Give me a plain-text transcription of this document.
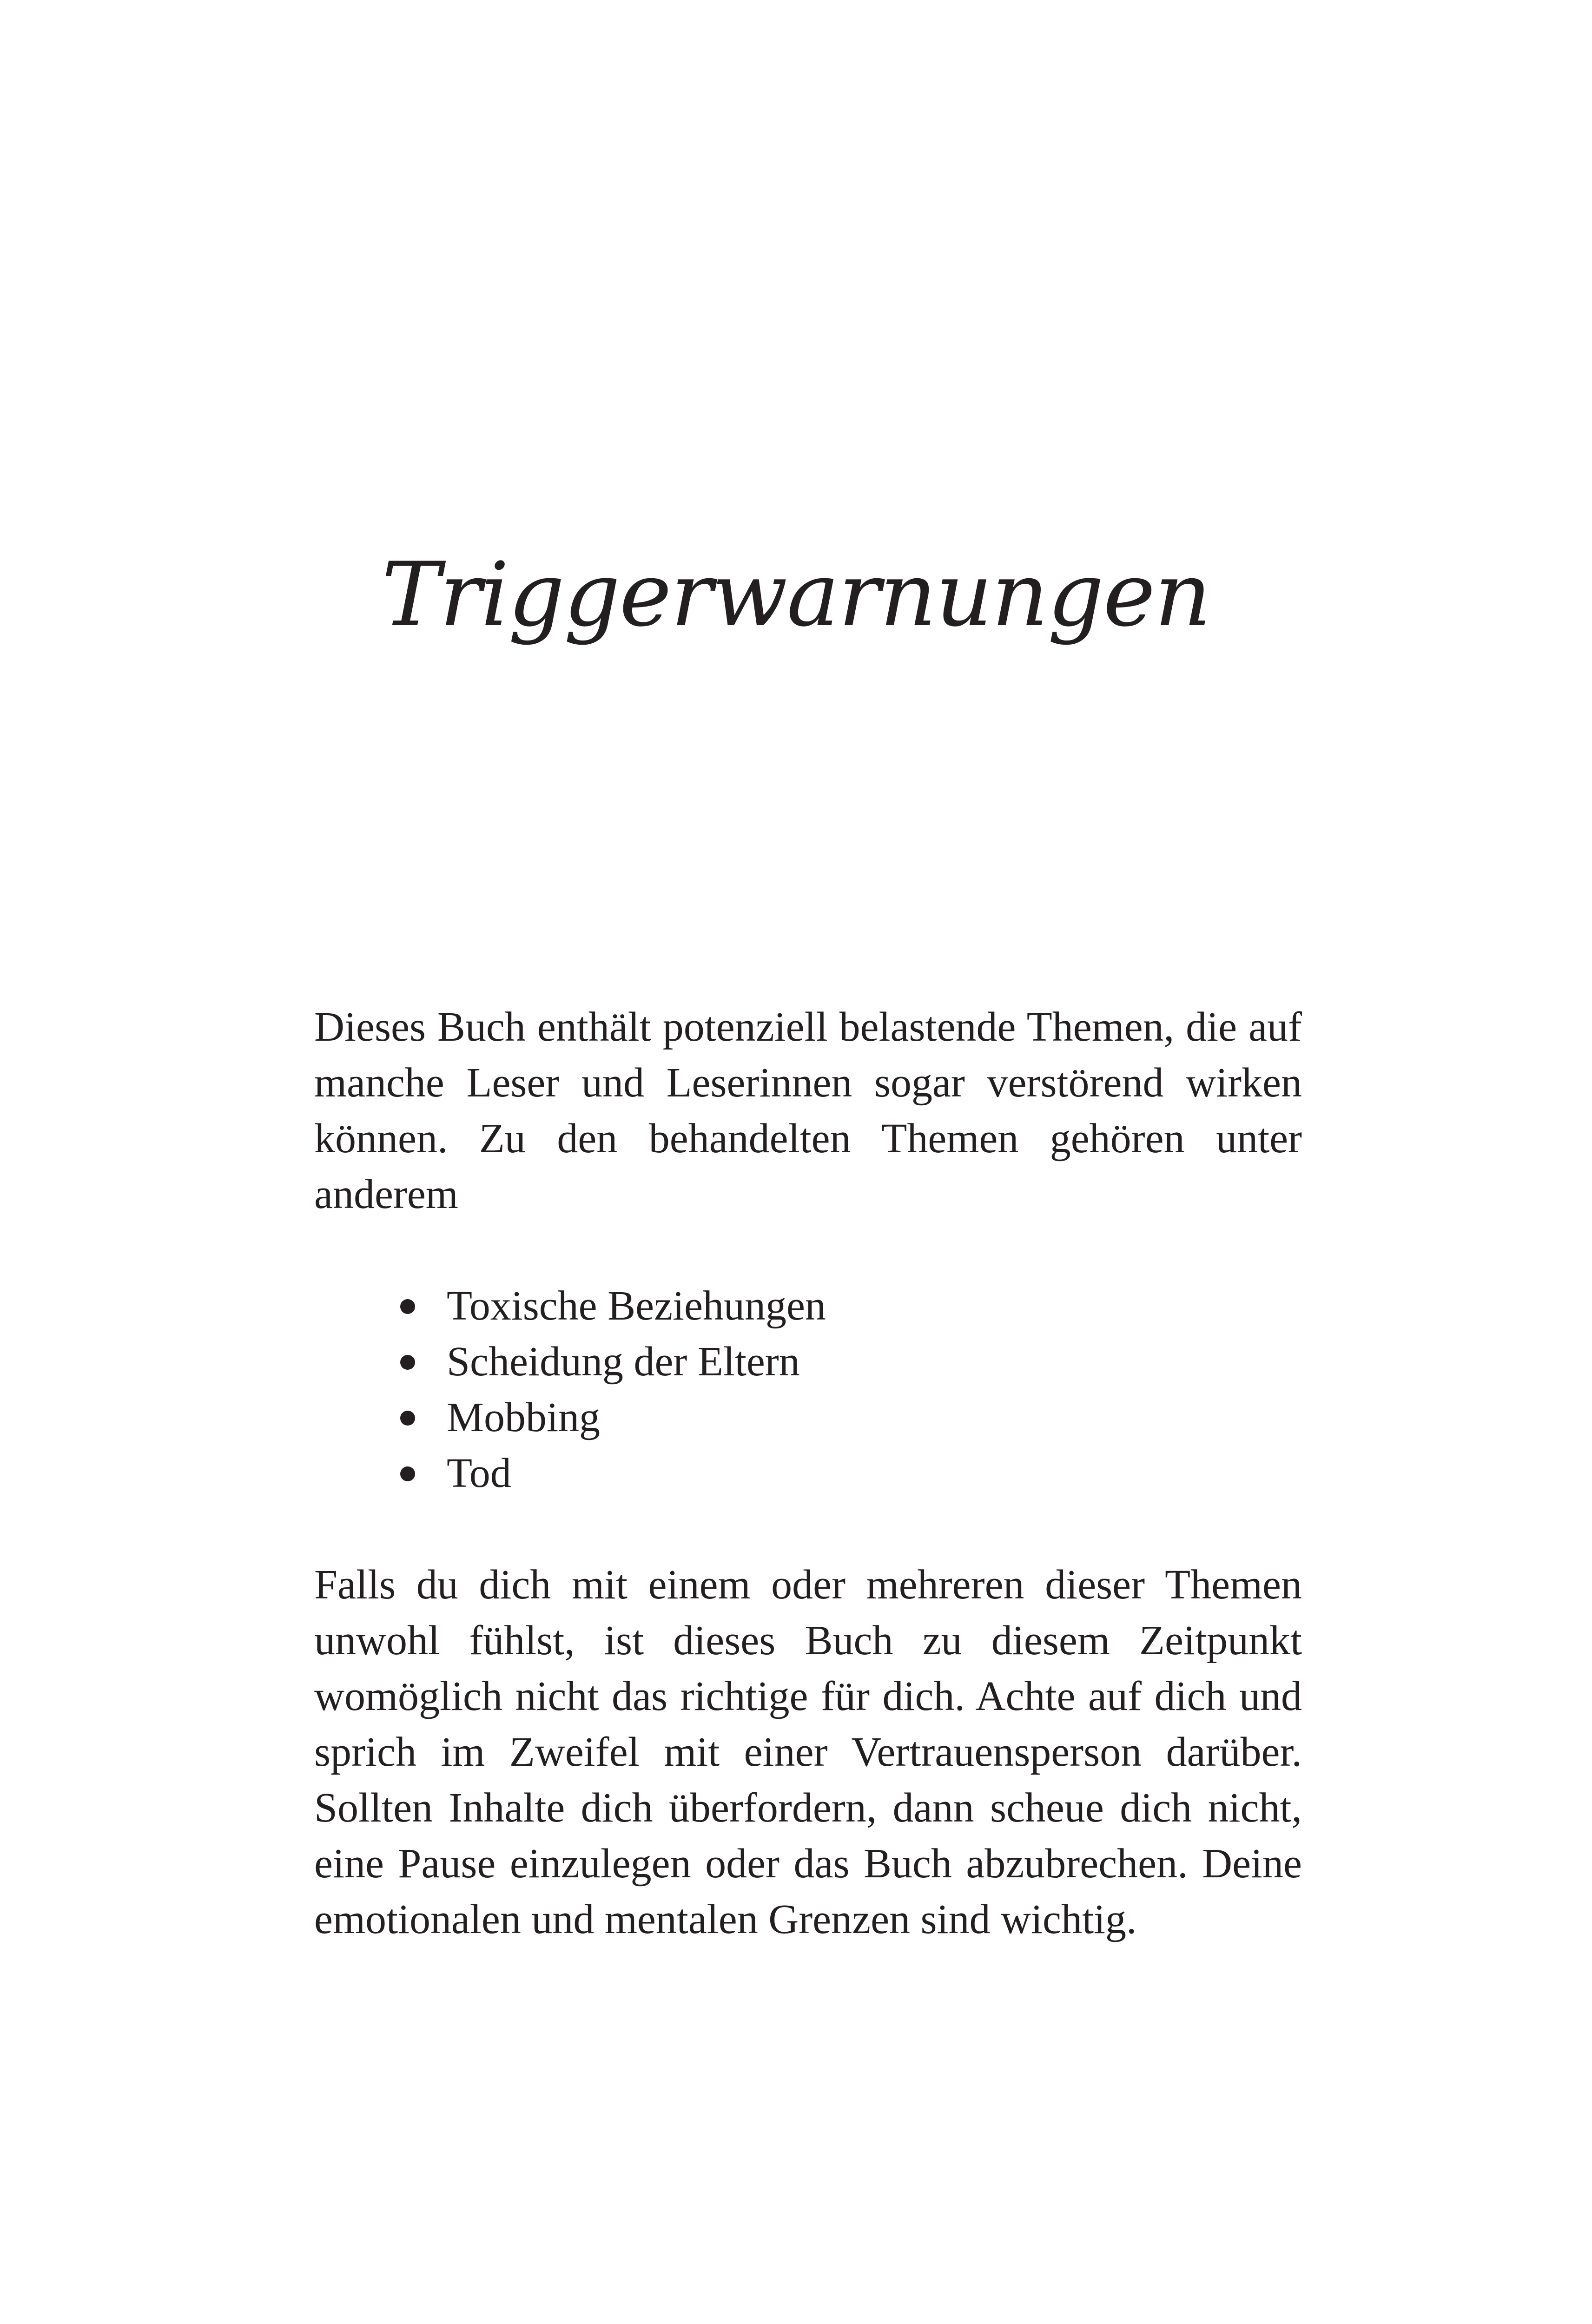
Triggerwarnungen

Dieses Buch enthält potenziell belastende Themen, die auf manche Leser und Leserinnen sogar verstörend wirken können. Zu den behandelten Themen gehören unter anderem

Toxische Beziehungen
Scheidung der Eltern
Mobbing
Tod

Falls du dich mit einem oder mehreren dieser Themen unwohl fühlst, ist dieses Buch zu diesem Zeitpunkt womöglich nicht das richtige für dich. Achte auf dich und sprich im Zweifel mit einer Vertrauensperson darüber. Sollten Inhalte dich überfordern, dann scheue dich nicht, eine Pause einzulegen oder das Buch abzubrechen. Deine emotionalen und mentalen Grenzen sind wichtig.
